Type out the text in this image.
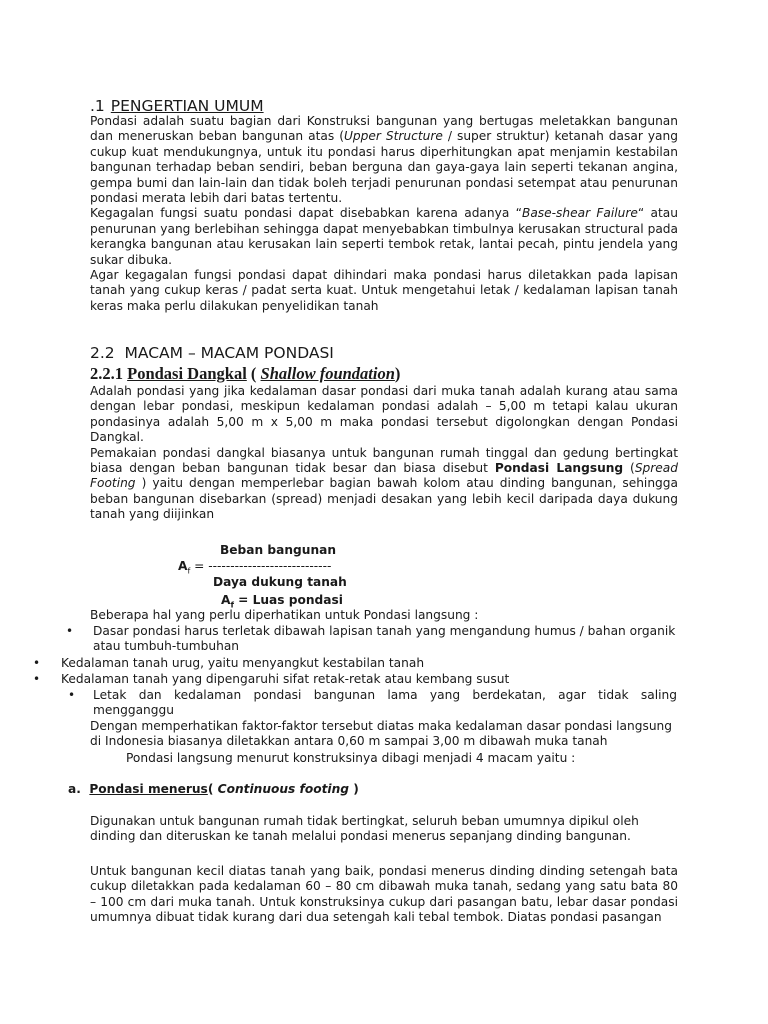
.1 PENGERTIAN UMUM

Pondasi adalah suatu bagian dari Konstruksi bangunan yang bertugas meletakkan bangunan dan meneruskan beban bangunan atas (Upper Structure / super struktur) ketanah dasar yang cukup kuat mendukungnya, untuk itu pondasi harus diperhitungkan apat menjamin kestabilan bangunan terhadap beban sendiri, beban berguna dan gaya-gaya lain seperti tekanan angina, gempa bumi dan lain-lain dan tidak boleh terjadi penurunan pondasi setempat atau penurunan pondasi merata lebih dari batas tertentu.

Kegagalan fungsi suatu pondasi dapat disebabkan karena adanya “Base-shear Failure“ atau penurunan yang berlebihan sehingga dapat menyebabkan timbulnya kerusakan structural pada kerangka bangunan atau kerusakan lain seperti tembok retak, lantai pecah, pintu jendela yang sukar dibuka.

Agar kegagalan fungsi pondasi dapat dihindari maka pondasi harus diletakkan pada lapisan tanah yang cukup keras / padat serta kuat. Untuk mengetahui letak / kedalaman lapisan tanah keras maka perlu dilakukan penyelidikan tanah

2.2 MACAM – MACAM PONDASI
2.2.1 Pondasi Dangkal ( Shallow foundation)

Adalah pondasi yang jika kedalaman dasar pondasi dari muka tanah adalah kurang atau sama dengan lebar pondasi, meskipun kedalaman pondasi adalah – 5,00 m tetapi kalau ukuran pondasinya adalah 5,00 m x 5,00 m maka pondasi tersebut digolongkan dengan Pondasi Dangkal.

Pemakaian pondasi dangkal biasanya untuk bangunan rumah tinggal dan gedung bertingkat biasa dengan beban bangunan tidak besar dan biasa disebut Pondasi Langsung (Spread Footing ) yaitu dengan memperlebar bagian bawah kolom atau dinding bangunan, sehingga beban bangunan disebarkan (spread) menjadi desakan yang lebih kecil daripada daya dukung tanah yang diijinkan

Beban bangunan
$A_f$ = ----------------------------
Daya dukung tanah
$A_f$ = Luas pondasi
Beberapa hal yang perlu diperhatikan untuk Pondasi langsung :
• Dasar pondasi harus terletak dibawah lapisan tanah yang mengandung humus / bahan organik atau tumbuh-tumbuhan
• Kedalaman tanah urug, yaitu menyangkut kestabilan tanah
• Kedalaman tanah yang dipengaruhi sifat retak-retak atau kembang susut
• Letak dan kedalaman pondasi bangunan lama yang berdekatan, agar tidak saling mengganggu
Dengan memperhatikan faktor-faktor tersebut diatas maka kedalaman dasar pondasi langsung di Indonesia biasanya diletakkan antara 0,60 m sampai 3,00 m dibawah muka tanah
Pondasi langsung menurut konstruksinya dibagi menjadi 4 macam yaitu :
a. Pondasi menerus( Continuous footing )
Digunakan untuk bangunan rumah tidak bertingkat, seluruh beban umumnya dipikul oleh dinding dan diteruskan ke tanah melalui pondasi menerus sepanjang dinding bangunan.
Untuk bangunan kecil diatas tanah yang baik, pondasi menerus dinding dinding setengah bata cukup diletakkan pada kedalaman 60 – 80 cm dibawah muka tanah, sedang yang satu bata 80 – 100 cm dari muka tanah. Untuk konstruksinya cukup dari pasangan batu, lebar dasar pondasi umumnya dibuat tidak kurang dari dua setengah kali tebal tembok. Diatas pondasi pasangan
